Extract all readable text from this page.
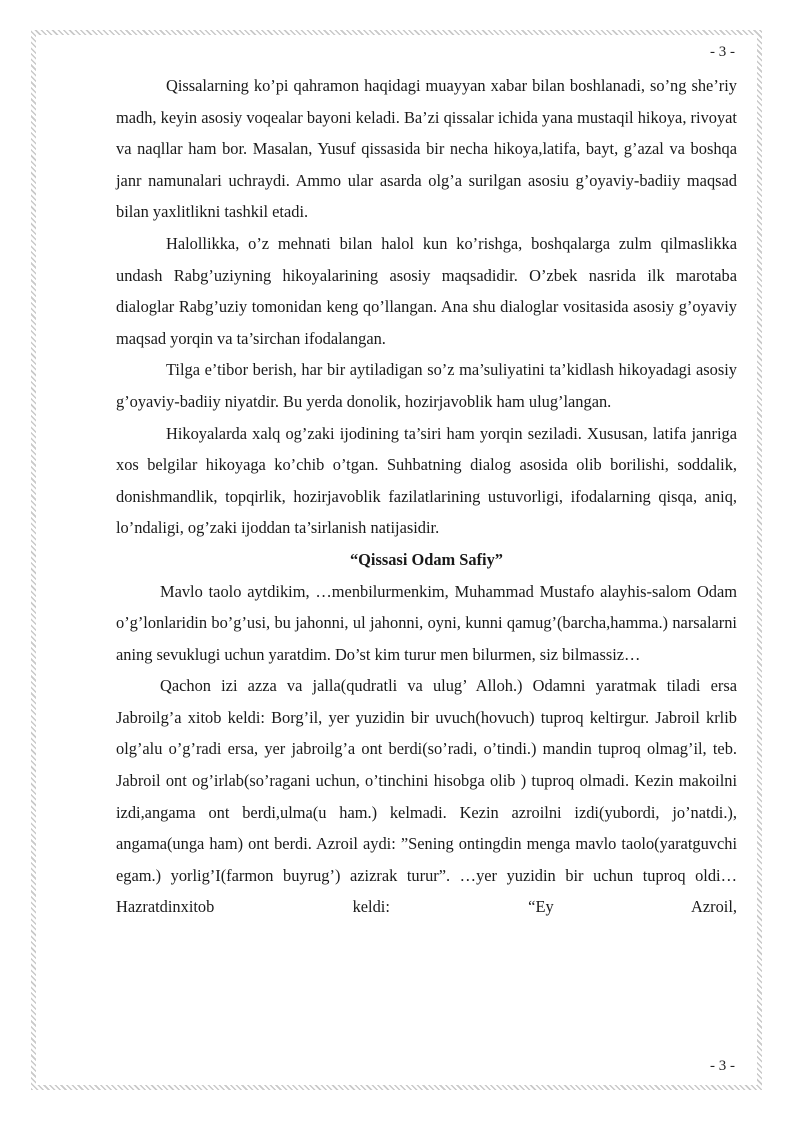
- 3 -

Qissalarning ko’pi qahramon haqidagi muayyan xabar bilan boshlanadi, so’ng she’riy madh, keyin asosiy voqealar bayoni keladi. Ba’zi qissalar ichida yana mustaqil hikoya, rivoyat va naqllar ham bor. Masalan, Yusuf qissasida bir necha hikoya,latifa, bayt, g’azal va boshqa janr namunalari uchraydi. Ammo ular asarda olg’a surilgan asosiu g’oyaviy-badiiy maqsad bilan yaxlitlikni tashkil etadi.

Halollikka, o’z mehnati bilan halol kun ko’rishga, boshqalarga zulm qilmaslikka undash Rabg’uziyning hikoyalarining asosiy maqsadidir. O’zbek nasrida ilk marotaba dialoglar Rabg’uziy tomonidan keng qo’llangan. Ana shu dialoglar vositasida asosiy g’oyaviy maqsad yorqin va ta’sirchan ifodalangan.

Tilga e’tibor berish, har bir aytiladigan so’z ma’suliyatini ta’kidlash hikoyadagi asosiy g’oyaviy-badiiy niyatdir. Bu yerda donolik, hozirjavoblik ham ulug’langan.

Hikoyalarda xalq og’zaki ijodining ta’siri ham yorqin seziladi. Xususan, latifa janriga xos belgilar hikoyaga ko’chib o’tgan. Suhbatning dialog asosida olib borilishi, soddalik, donishmandlik, topqirlik, hozirjavoblik fazilatlarining ustuvorligi, ifodalarning qisqa, aniq, lo’ndaligi, og’zaki ijoddan ta’sirlanish natijasidir.

“Qissasi Odam Safiy”

Mavlo taolo aytdikim, …menbilurmenkim, Muhammad Mustafo alayhis-salom Odam o’g’lonlaridin bo’g’usi, bu jahonni, ul jahonni, oyni, kunni qamug’(barcha,hamma.) narsalarni aning sevuklugi uchun yaratdim. Do’st kim turur men bilurmen, siz bilmassiz…

Qachon izi azza va jalla(qudratli va ulug’ Alloh.) Odamni yaratmak tiladi ersa Jabroilg’a xitob keldi: Borg’il, yer yuzidin bir uvuch(hovuch) tuproq keltirgur. Jabroil krlib olg’alu o’g’radi ersa, yer jabroilg’a ont berdi(so’radi, o’tindi.) mandin tuproq olmag’il, teb. Jabroil ont og’irlab(so’ragani uchun, o’tinchini hisobga olib ) tuproq olmadi. Kezin makoilni izdi,angama ont berdi,ulma(u ham.) kelmadi. Kezin azroilni izdi(yubordi, jo’natdi.), angama(unga ham) ont berdi. Azroil aydi: ”Sening ontingdin menga mavlo taolo(yaratguvchi egam.) yorlig’I(farmon buyrug’) azizrak turur”. …yer yuzidin bir uchun tuproq oldi… Hazratdinxitob keldi: “Ey Azroil,

- 3 -
